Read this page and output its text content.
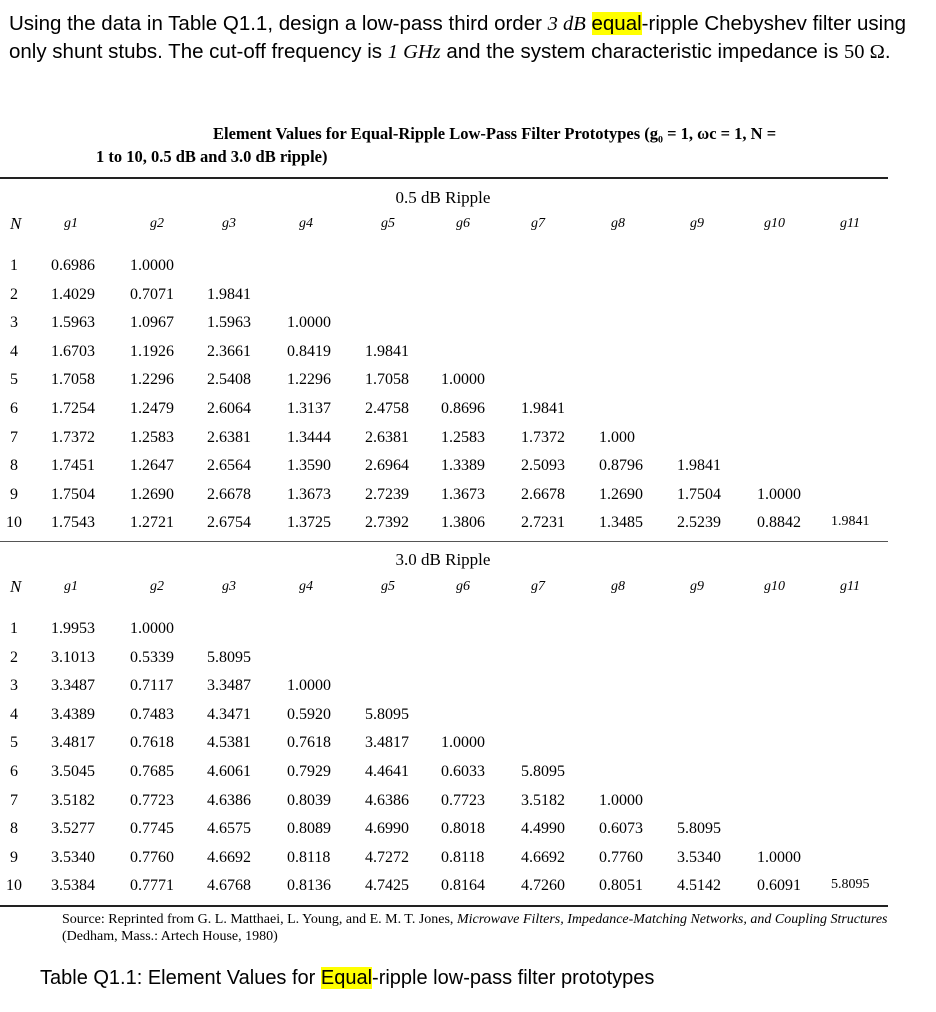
Using the data in Table Q1.1, design a low-pass third order 3 dB equal-ripple Chebyshev filter using only shunt stubs. The cut-off frequency is 1 GHz and the system characteristic impedance is 50 Ω.
Element Values for Equal-Ripple Low-Pass Filter Prototypes (g₀ = 1, ωc = 1, N =
1 to 10, 0.5 dB and 3.0 dB ripple)
0.5 dB Ripple
N	g1	g2	g3	g4	g5	g6	g7	g8	g9	g10	g11
1 0.6986 1.0000
2 1.4029 0.7071 1.9841
3 1.5963 1.0967 1.5963 1.0000
4 1.6703 1.1926 2.3661 0.8419 1.9841
5 1.7058 1.2296 2.5408 1.2296 1.7058 1.0000
6 1.7254 1.2479 2.6064 1.3137 2.4758 0.8696 1.9841
7 1.7372 1.2583 2.6381 1.3444 2.6381 1.2583 1.7372 1.000
8 1.7451 1.2647 2.6564 1.3590 2.6964 1.3389 2.5093 0.8796 1.9841
9 1.7504 1.2690 2.6678 1.3673 2.7239 1.3673 2.6678 1.2690 1.7504 1.0000
10 1.7543 1.2721 2.6754 1.3725 2.7392 1.3806 2.7231 1.3485 2.5239 0.8842 1.9841
3.0 dB Ripple
N	g1	g2	g3	g4	g5	g6	g7	g8	g9	g10	g11
1 1.9953 1.0000
2 3.1013 0.5339 5.8095
3 3.3487 0.7117 3.3487 1.0000
4 3.4389 0.7483 4.3471 0.5920 5.8095
5 3.4817 0.7618 4.5381 0.7618 3.4817 1.0000
6 3.5045 0.7685 4.6061 0.7929 4.4641 0.6033 5.8095
7 3.5182 0.7723 4.6386 0.8039 4.6386 0.7723 3.5182 1.0000
8 3.5277 0.7745 4.6575 0.8089 4.6990 0.8018 4.4990 0.6073 5.8095
9 3.5340 0.7760 4.6692 0.8118 4.7272 0.8118 4.6692 0.7760 3.5340 1.0000
10 3.5384 0.7771 4.6768 0.8136 4.7425 0.8164 4.7260 0.8051 4.5142 0.6091 5.8095
Source: Reprinted from G. L. Matthaei, L. Young, and E. M. T. Jones, Microwave Filters, Impedance-Matching Networks, and Coupling Structures (Dedham, Mass.: Artech House, 1980)
Table Q1.1: Element Values for Equal-ripple low-pass filter prototypes
